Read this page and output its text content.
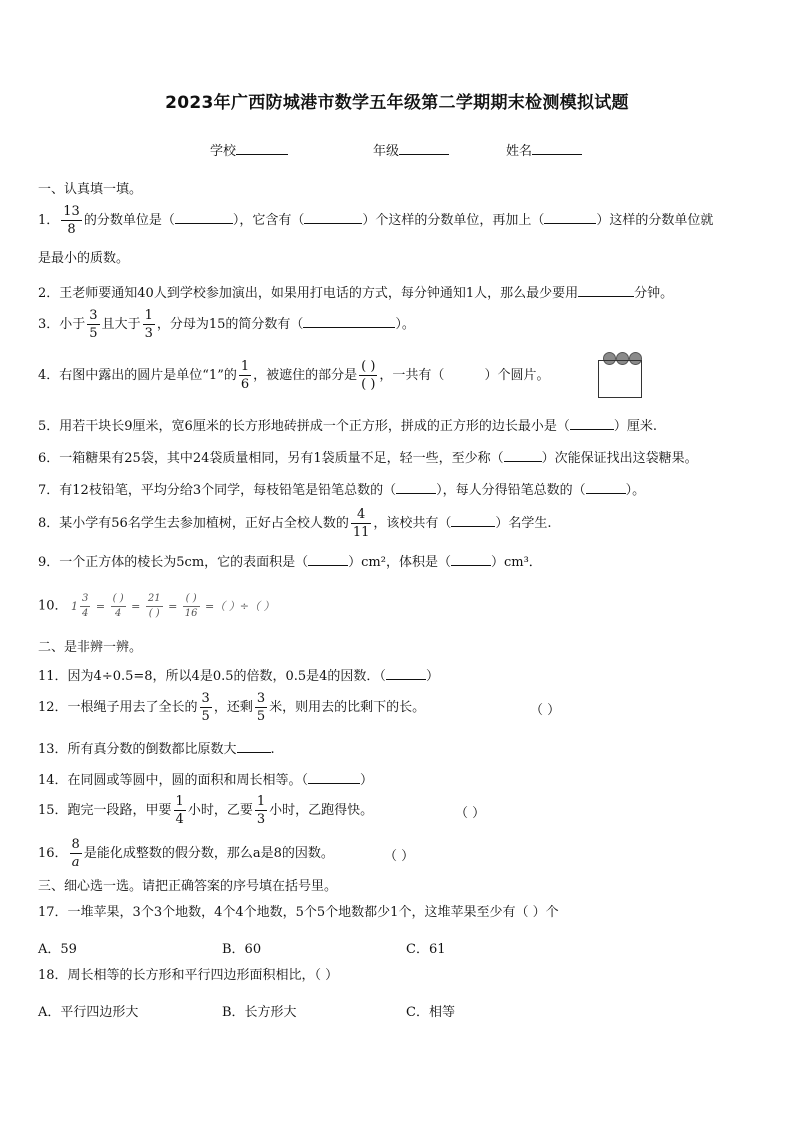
2023年广西防城港市数学五年级第二学期期末检测模拟试题
学校	年级	姓名
一、认真填一填。
1． $\frac{13}{8}$ 的分数单位是（	），它含有（	）个这样的分数单位，再加上（	）这样的分数单位就
是最小的质数。
2．王老师要通知40人到学校参加演出，如果用打电话的方式，每分钟通知1人，那么最少要用	分钟。
3．小于 $\frac{3}{5}$ 且大于 $\frac{1}{3}$ ，分母为15的简分数有（	）。
4．右图中露出的圆片是单位“1”的 $\frac{1}{6}$ ，被遮住的部分是 $\frac{( )}{( )}$ ，一共有（	）个圆片。
5．用若干块长9厘米，宽6厘米的长方形地砖拼成一个正方形，拼成的正方形的边长最小是（	）厘米.
6．一箱糖果有25袋，其中24袋质量相同，另有1袋质量不足，轻一些，至少称（	）次能保证找出这袋糖果。
7．有12枝铅笔，平均分给3个同学，每枝铅笔是铅笔总数的（	），每人分得铅笔总数的（	）。
8．某小学有56名学生去参加植树，正好占全校人数的 $\frac{4}{11}$ ，该校共有（	）名学生.
9．一个正方体的棱长为5cm，它的表面积是（	）cm²，体积是（	）cm³．
10． $1 \frac{3}{4} = \frac{( )}{4} = \frac{21}{( )} = \frac{( )}{16}$ =（ ）÷（ ）
二、是非辨一辨。
11．因为4÷0.5=8，所以4是0.5的倍数，0.5是4的因数．（	）
12．一根绳子用去了全长的 $\frac{3}{5}$ ，还剩 $\frac{3}{5}$ 米，则用去的比剩下的长。	（ ）
13．所有真分数的倒数都比原数大	.
14．在同圆或等圆中，圆的面积和周长相等。（	）
15．跑完一段路，甲要 $\frac{1}{4}$ 小时，乙要 $\frac{1}{3}$ 小时，乙跑得快。	（ ）
16． $\frac{8}{a}$ 是能化成整数的假分数，那么a是8的因数。	（ ）
三、细心选一选。请把正确答案的序号填在括号里。
17．一堆苹果，3个3个地数，4个4个地数，5个5个地数都少1个，这堆苹果至少有（ ）个
A．59	B．60	C．61
18．周长相等的长方形和平行四边形面积相比，（ ）
A．平行四边形大	B．长方形大	C．相等
